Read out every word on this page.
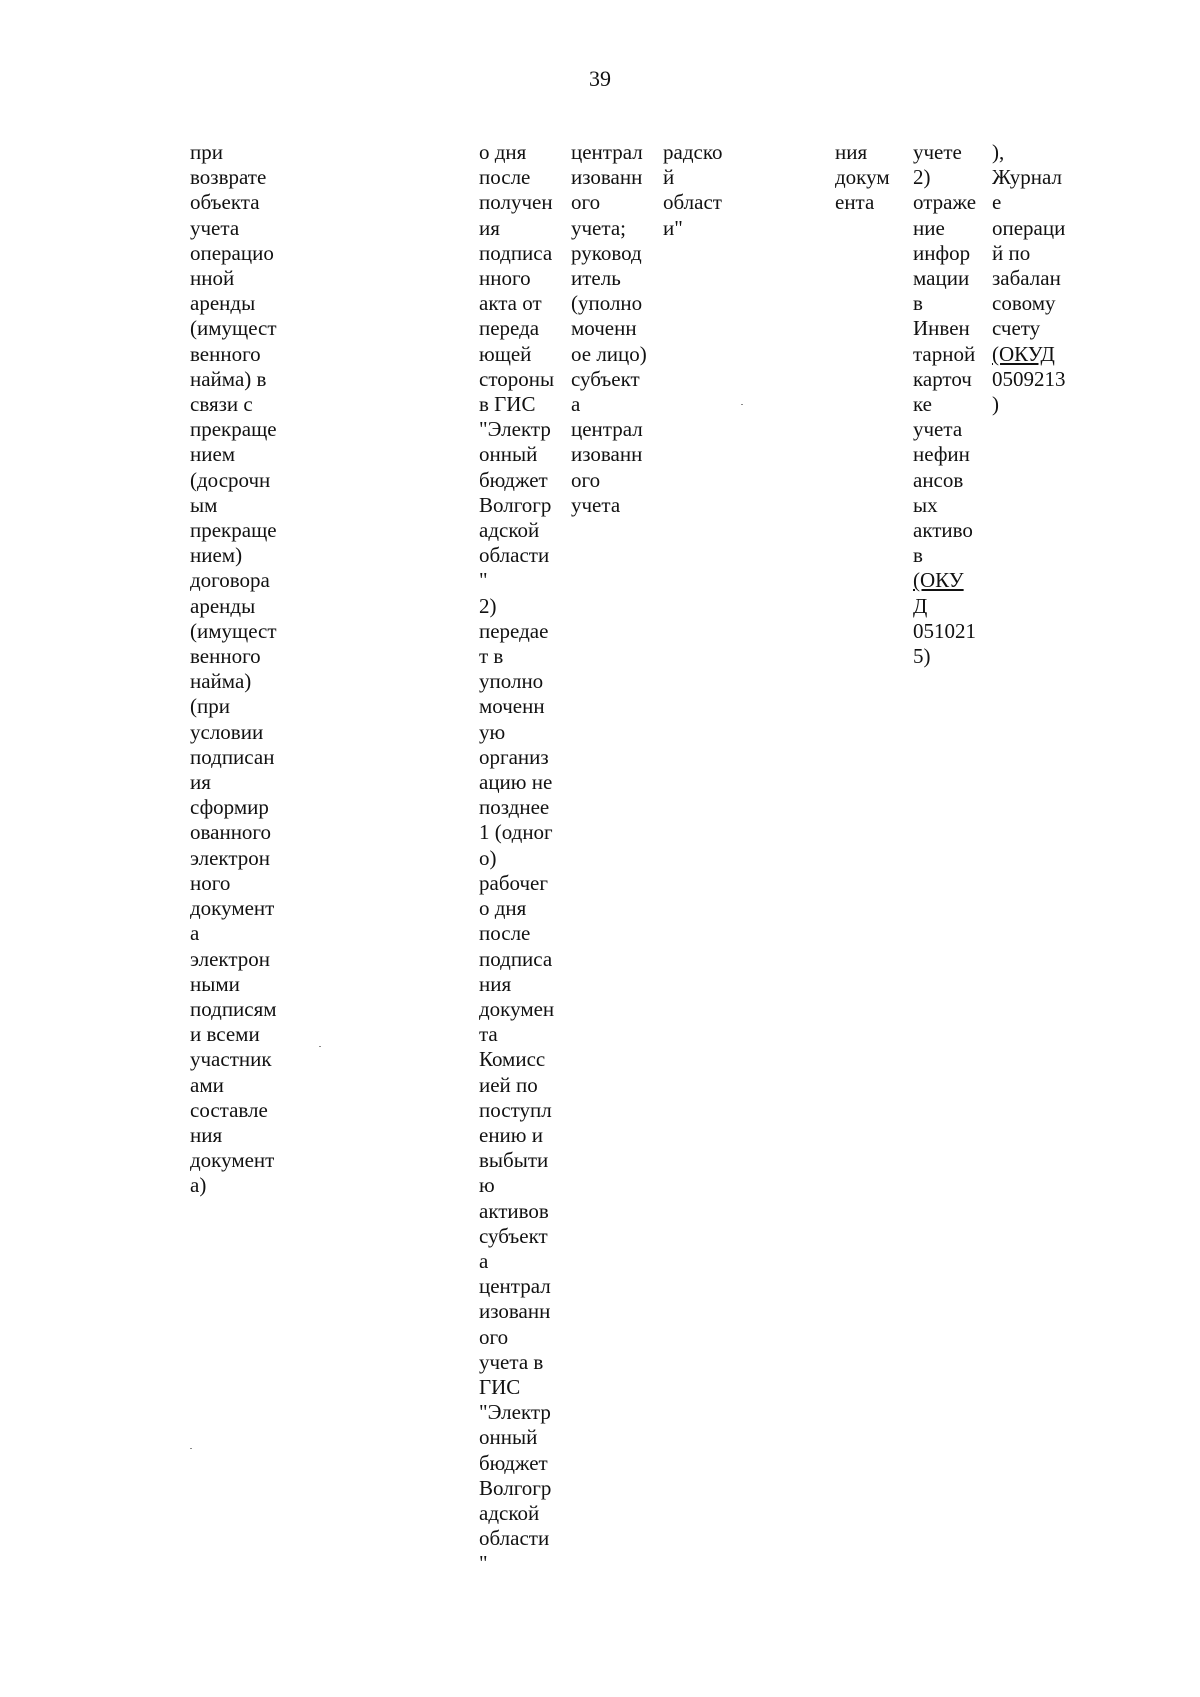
39
при
возврате
объекта
учета
операцио
нной
аренды
(имущест
венного
найма) в
связи с
прекраще
нием
(досрочн
ым
прекраще
нием)
договора
аренды
(имущест
венного
найма)
(при
условии
подписан
ия
сформир
ованного
электрон
ного
документ
а
электрон
ными
подписям
и всеми
участник
ами
составле
ния
документ
а)
о дня
после
получен
ия
подписа
нного
акта от
переда
ющей
стороны
в ГИС
"Электр
онный
бюджет
Волгогр
адской
области
"
2)
передае
т в
уполно
моченн
ую
организ
ацию не
позднее
1 (одног
о)
рабочег
о дня
после
подписа
ния
докумен
та
Комисс
ией по
поступл
ению и
выбыти
ю
активов
субъект
а
централ
изованн
ого
учета в
ГИС
"Электр
онный
бюджет
Волгогр
адской
области
"
централ
изованн
ого
учета;
руковод
итель
(уполно
моченн
ое лицо)
субъект
а
централ
изованн
ого
учета
радско
й
област
и"
ния
докум
ента
учете
2)
отраже
ние
инфор
мации
в
Инвен
тарной
карточ
ке
учета
нефин
ансов
ых
активо
в
(ОКУ
Д
051021
5)
),
Журнал
е
операци
й по
забалан
совому
счету
(ОКУД
0509213
)
